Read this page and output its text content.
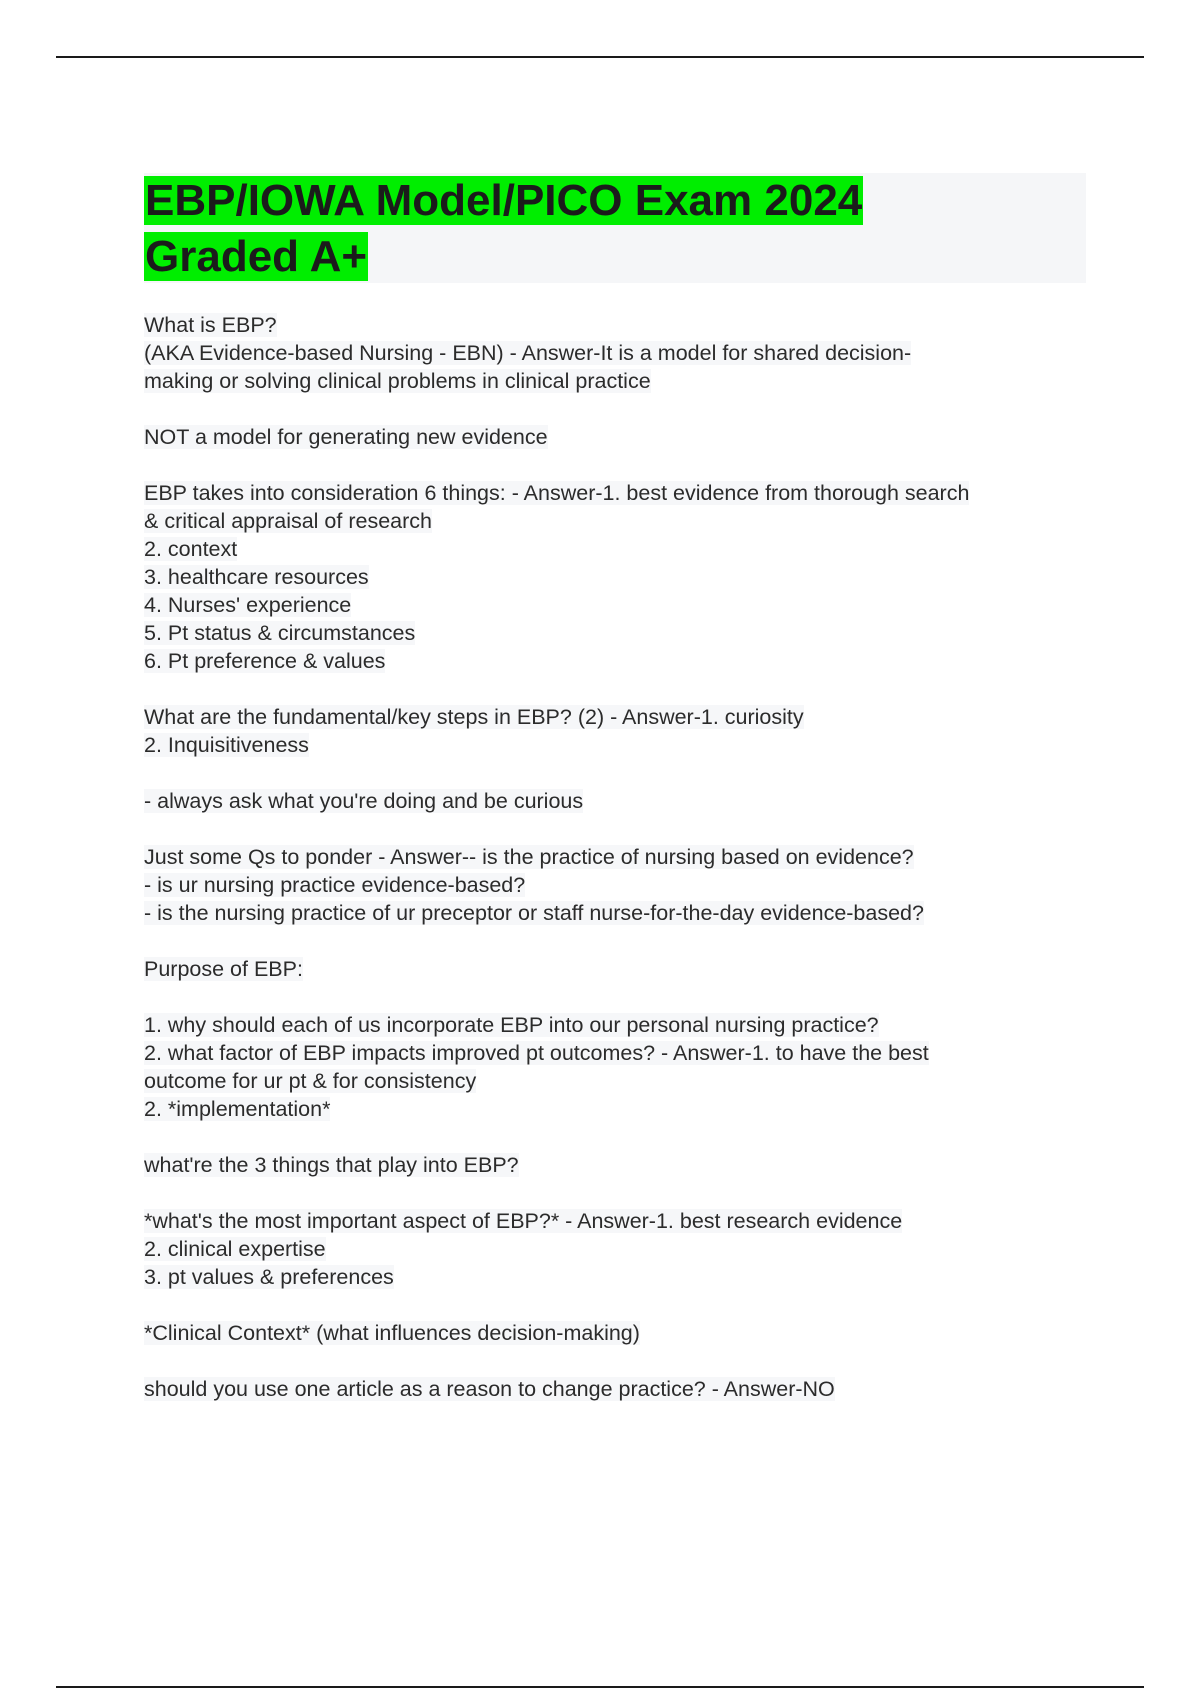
EBP/IOWA Model/PICO Exam 2024
Graded A+
What is EBP?
(AKA Evidence-based Nursing - EBN) - Answer-It is a model for shared decision-
making or solving clinical problems in clinical practice
NOT a model for generating new evidence
EBP takes into consideration 6 things: - Answer-1. best evidence from thorough search
& critical appraisal of research
2. context
3. healthcare resources
4. Nurses' experience
5. Pt status & circumstances
6. Pt preference & values
What are the fundamental/key steps in EBP? (2) - Answer-1. curiosity
2. Inquisitiveness
- always ask what you're doing and be curious
Just some Qs to ponder - Answer-- is the practice of nursing based on evidence?
- is ur nursing practice evidence-based?
- is the nursing practice of ur preceptor or staff nurse-for-the-day evidence-based?
Purpose of EBP:
1. why should each of us incorporate EBP into our personal nursing practice?
2. what factor of EBP impacts improved pt outcomes? - Answer-1. to have the best
outcome for ur pt & for consistency
2. *implementation*
what're the 3 things that play into EBP?
*what's the most important aspect of EBP?* - Answer-1. best research evidence
2. clinical expertise
3. pt values & preferences
*Clinical Context* (what influences decision-making)
should you use one article as a reason to change practice? - Answer-NO
